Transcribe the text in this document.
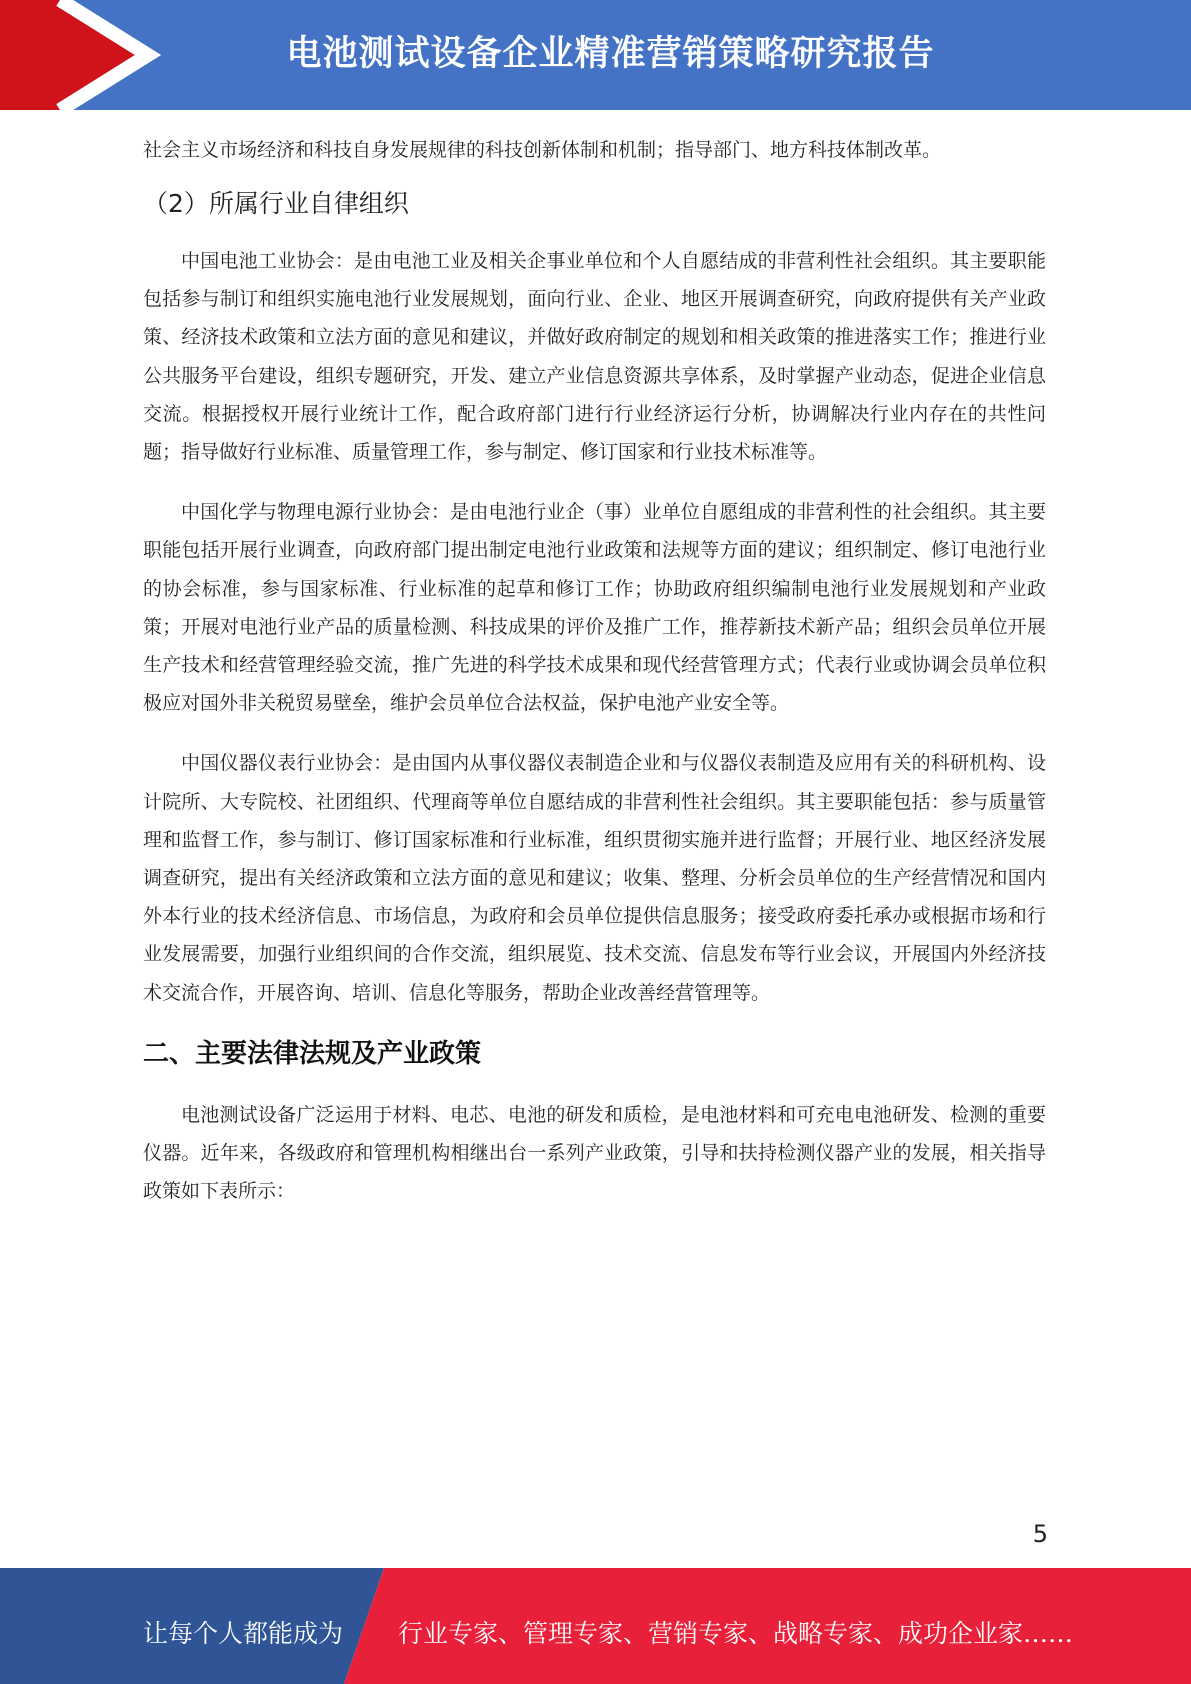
电池测试设备企业精准营销策略研究报告

社会主义市场经济和科技自身发展规律的科技创新体制和机制；指导部门、地方科技体制改革。

（2）所属行业自律组织

中国电池工业协会：是由电池工业及相关企事业单位和个人自愿结成的非营利性社会组织。其主要职能包括参与制订和组织实施电池行业发展规划，面向行业、企业、地区开展调查研究，向政府提供有关产业政策、经济技术政策和立法方面的意见和建议，并做好政府制定的规划和相关政策的推进落实工作；推进行业公共服务平台建设，组织专题研究，开发、建立产业信息资源共享体系，及时掌握产业动态，促进企业信息交流。根据授权开展行业统计工作，配合政府部门进行行业经济运行分析，协调解决行业内存在的共性问题；指导做好行业标准、质量管理工作，参与制定、修订国家和行业技术标准等。

中国化学与物理电源行业协会：是由电池行业企（事）业单位自愿组成的非营利性的社会组织。其主要职能包括开展行业调查，向政府部门提出制定电池行业政策和法规等方面的建议；组织制定、修订电池行业的协会标准，参与国家标准、行业标准的起草和修订工作；协助政府组织编制电池行业发展规划和产业政策；开展对电池行业产品的质量检测、科技成果的评价及推广工作，推荐新技术新产品；组织会员单位开展生产技术和经营管理经验交流，推广先进的科学技术成果和现代经营管理方式；代表行业或协调会员单位积极应对国外非关税贸易壁垒，维护会员单位合法权益，保护电池产业安全等。

中国仪器仪表行业协会：是由国内从事仪器仪表制造企业和与仪器仪表制造及应用有关的科研机构、设计院所、大专院校、社团组织、代理商等单位自愿结成的非营利性社会组织。其主要职能包括：参与质量管理和监督工作，参与制订、修订国家标准和行业标准，组织贯彻实施并进行监督；开展行业、地区经济发展调查研究，提出有关经济政策和立法方面的意见和建议；收集、整理、分析会员单位的生产经营情况和国内外本行业的技术经济信息、市场信息，为政府和会员单位提供信息服务；接受政府委托承办或根据市场和行业发展需要，加强行业组织间的合作交流，组织展览、技术交流、信息发布等行业会议，开展国内外经济技术交流合作，开展咨询、培训、信息化等服务，帮助企业改善经营管理等。

二、主要法律法规及产业政策

电池测试设备广泛运用于材料、电芯、电池的研发和质检，是电池材料和可充电电池研发、检测的重要仪器。近年来，各级政府和管理机构相继出台一系列产业政策，引导和扶持检测仪器产业的发展，相关指导政策如下表所示：

5
让每个人都能成为 行业专家、管理专家、营销专家、战略专家、成功企业家……
